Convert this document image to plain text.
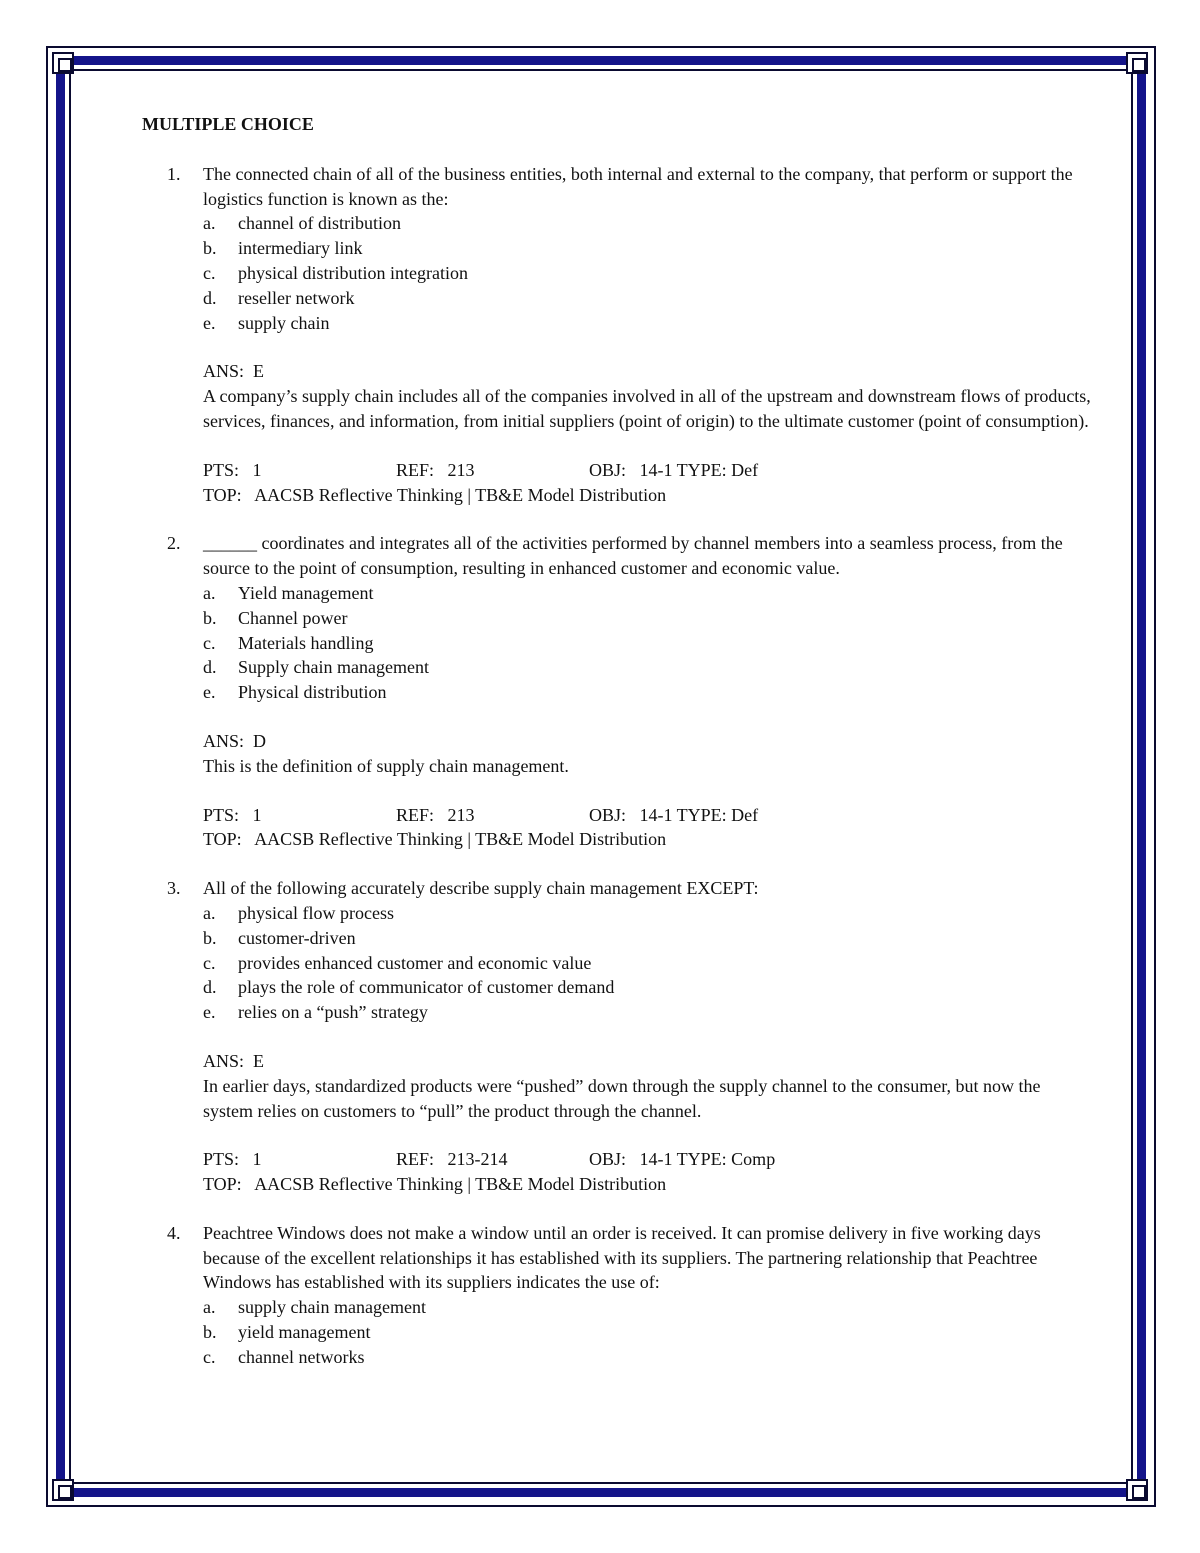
MULTIPLE CHOICE
1. The connected chain of all of the business entities, both internal and external to the company, that perform or support the logistics function is known as the:

a. channel of distribution
b. intermediary link
c. physical distribution integration
d. reseller network
e. supply chain
ANS:  E
A company’s supply chain includes all of the companies involved in all of the upstream and downstream flows of products, services, finances, and information, from initial suppliers (point of origin) to the ultimate customer (point of consumption).
PTS:   1	REF:   213	OBJ:   14-1 TYPE: Def
TOP:   AACSB Reflective Thinking | TB&E Model Distribution
2. ______ coordinates and integrates all of the activities performed by channel members into a seamless process, from the source to the point of consumption, resulting in enhanced customer and economic value.

a. Yield management
b. Channel power
c. Materials handling
d. Supply chain management
e. Physical distribution
ANS:  D
This is the definition of supply chain management.
PTS:   1	REF:   213	OBJ:   14-1 TYPE: Def
TOP:   AACSB Reflective Thinking | TB&E Model Distribution
3. All of the following accurately describe supply chain management EXCEPT:

a. physical flow process
b. customer-driven
c. provides enhanced customer and economic value
d. plays the role of communicator of customer demand
e. relies on a “push” strategy
ANS:  E
In earlier days, standardized products were “pushed” down through the supply channel to the consumer, but now the system relies on customers to “pull” the product through the channel.
PTS:   1	REF:   213-214	OBJ:   14-1 TYPE: Comp
TOP:   AACSB Reflective Thinking | TB&E Model Distribution
4. Peachtree Windows does not make a window until an order is received. It can promise delivery in five working days because of the excellent relationships it has established with its suppliers. The partnering relationship that Peachtree Windows has established with its suppliers indicates the use of:

a. supply chain management
b. yield management
c. channel networks
